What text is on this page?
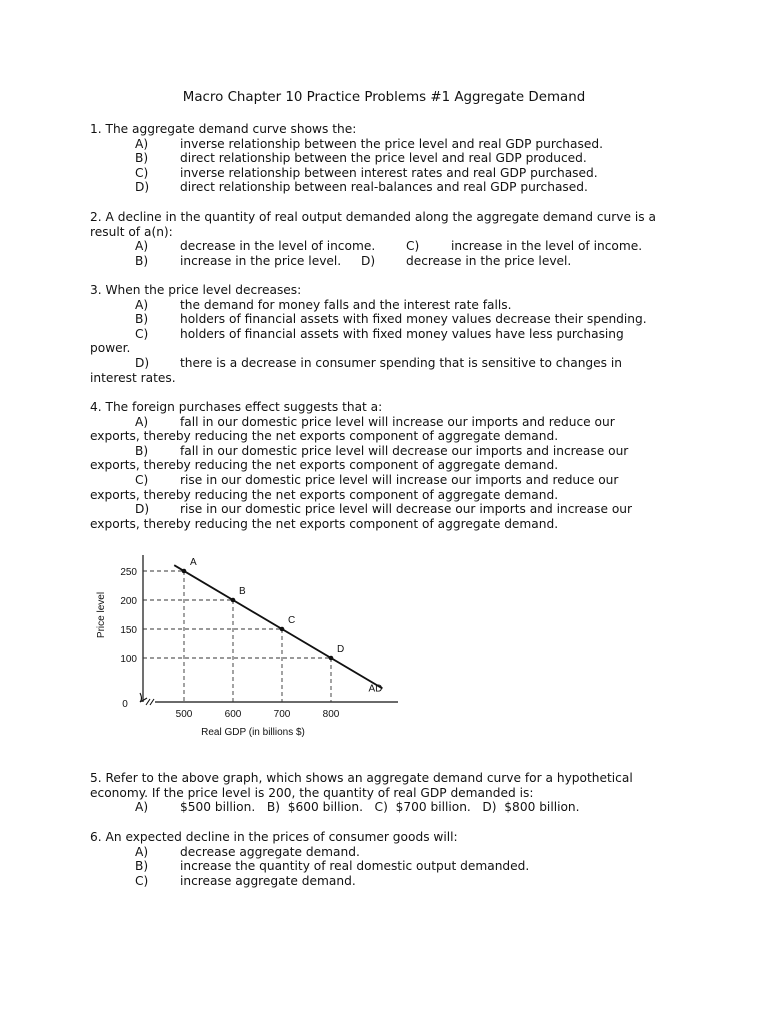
Macro Chapter 10 Practice Problems #1 Aggregate Demand
1. The aggregate demand curve shows the:
A)	inverse relationship between the price level and real GDP purchased.
B)	direct relationship between the price level and real GDP produced.
C)	inverse relationship between interest rates and real GDP purchased.
D)	direct relationship between real-balances and real GDP purchased.
2. A decline in the quantity of real output demanded along the aggregate demand curve is a
result of a(n):
A)	decrease in the level of income.	C)	increase in the level of income.
B)	increase in the price level. D)	decrease in the price level.
3. When the price level decreases:
A)	the demand for money falls and the interest rate falls.
B)	holders of financial assets with fixed money values decrease their spending.
C)	holders of financial assets with fixed money values have less purchasing
power.
D)	there is a decrease in consumer spending that is sensitive to changes in
interest rates.
4. The foreign purchases effect suggests that a:
A)	fall in our domestic price level will increase our imports and reduce our
exports, thereby reducing the net exports component of aggregate demand.
B)	fall in our domestic price level will decrease our imports and increase our
exports, thereby reducing the net exports component of aggregate demand.
C)	rise in our domestic price level will increase our imports and reduce our
exports, thereby reducing the net exports component of aggregate demand.
D)	rise in our domestic price level will decrease our imports and increase our
exports, thereby reducing the net exports component of aggregate demand.
A
250
500
B
200
600
C
150
700
D
100
800
0
AD
Real GDP (in billions $)
Price level
5. Refer to the above graph, which shows an aggregate demand curve for a hypothetical
economy. If the price level is 200, the quantity of real GDP demanded is:
A)	$500 billion.   B)  $600 billion.   C)  $700 billion.   D)  $800 billion.
6. An expected decline in the prices of consumer goods will:
A)	decrease aggregate demand.
B)	increase the quantity of real domestic output demanded.
C)	increase aggregate demand.
